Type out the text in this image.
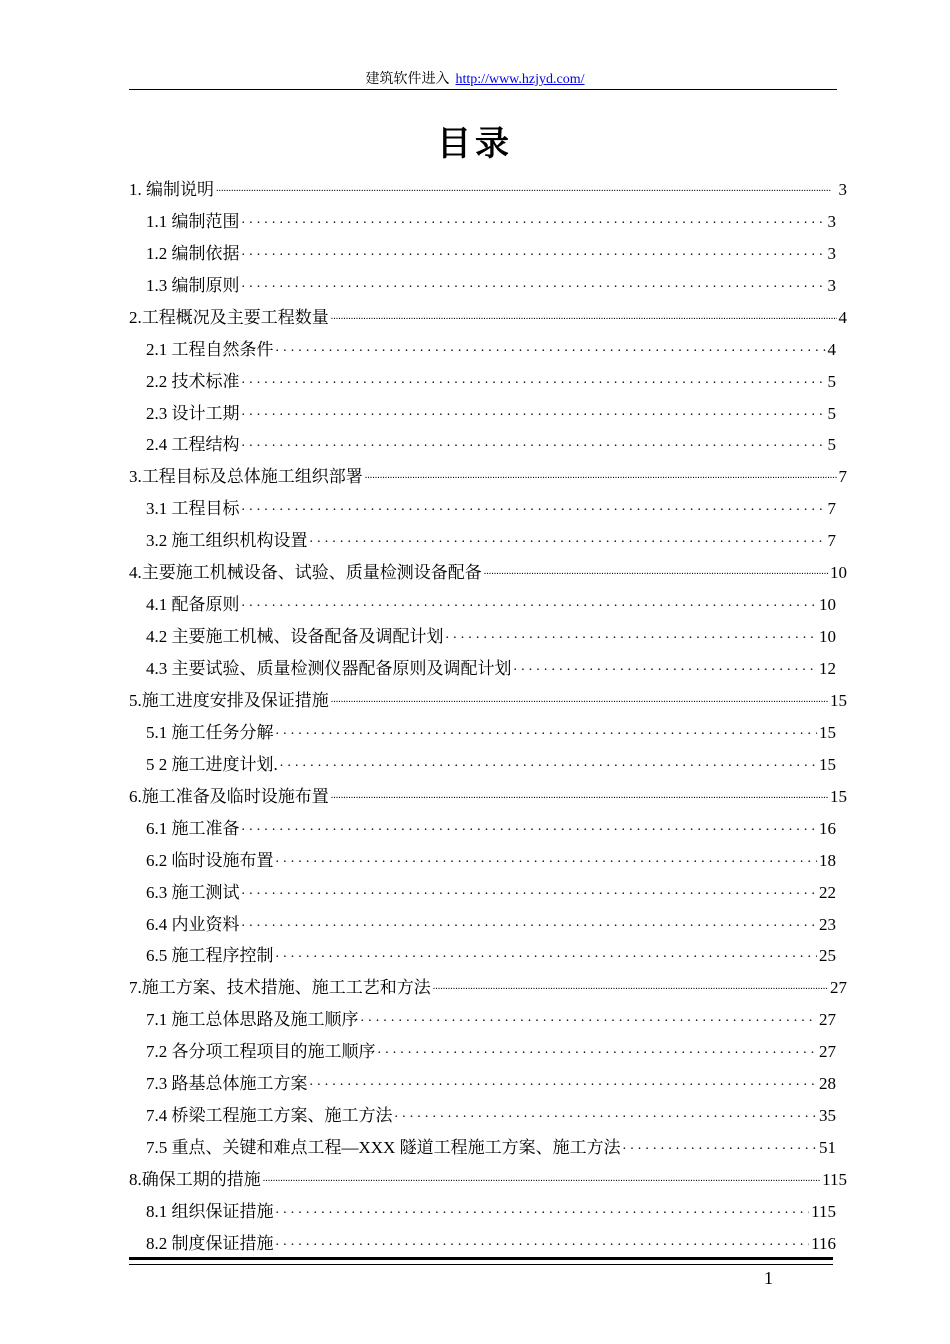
建筑软件进入 http://www.hzjyd.com/
目录
1. 编制说明 .....	3
1.1 编制范围 . . .	3
1.2 编制依据 . . .	3
1.3 编制原则 . . .	3
2.工程概况及主要工程数量 .....	4
2.1 工程自然条件 . . .	4
2.2 技术标准 . . .	5
2.3 设计工期 . . .	5
2.4 工程结构 . . .	5
3.工程目标及总体施工组织部署 .....	7
3.1 工程目标 . . .	7
3.2 施工组织机构设置 . . .	7
4.主要施工机械设备、试验、质量检测设备配备 .....	10
4.1 配备原则 . . .	10
4.2 主要施工机械、设备配备及调配计划 . . .	10
4.3 主要试验、质量检测仪器配备原则及调配计划 . . .	12
5.施工进度安排及保证措施 .....	15
5.1 施工任务分解 . . .	15
5 2 施工进度计划. . . .	15
6.施工准备及临时设施布置 .....	15
6.1 施工准备 . . .	16
6.2 临时设施布置 . . .	18
6.3 施工测试 . . .	22
6.4 内业资料 . . .	23
6.5 施工程序控制 . . .	25
7.施工方案、技术措施、施工工艺和方法 .....	27
7.1 施工总体思路及施工顺序 . . .	27
7.2 各分项工程项目的施工顺序 . . .	27
7.3 路基总体施工方案 . . .	28
7.4 桥梁工程施工方案、施工方法 . . .	35
7.5 重点、关键和难点工程—XXX 隧道工程施工方案、施工方法 . . .	51
8.确保工期的措施 .....	115
8.1 组织保证措施 . . .	115
8.2 制度保证措施 . . .	116
1
